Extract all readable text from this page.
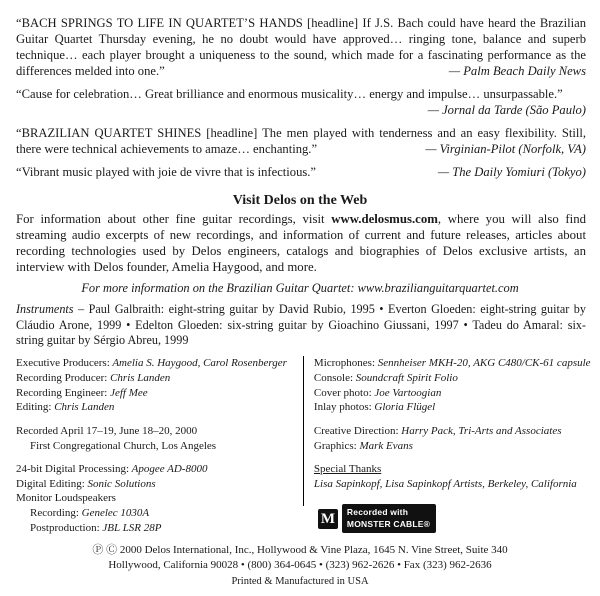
“BACH SPRINGS TO LIFE IN QUARTET’S HANDS [headline] If J.S. Bach could have heard the Brazilian Guitar Quartet Thursday evening, he no doubt would have approved… ringing tone, balance and superb technique… each player brought a uniqueness to the sound, which made for a fascinating performance as the differences melded into one.”	— Palm Beach Daily News
“Cause for celebration… Great brilliance and enormous musicality… energy and impulse… unsurpassable.”
— Jornal da Tarde (São Paulo)
“BRAZILIAN QUARTET SHINES [headline] The men played with tenderness and an easy flexibility. Still, there were technical achievements to amaze… enchanting.”	— Virginian-Pilot (Norfolk, VA)
“Vibrant music played with joie de vivre that is infectious.”	— The Daily Yomiuri (Tokyo)
Visit Delos on the Web
For information about other fine guitar recordings, visit www.delosmus.com, where you will also find streaming audio excerpts of new recordings, and information of current and future releases, articles about recording technologies used by Delos engineers, catalogs and biographies of Delos exclusive artists, an interview with Delos founder, Amelia Haygood, and more.
For more information on the Brazilian Guitar Quartet: www.brazilianguitarquartet.com
Instruments – Paul Galbraith: eight-string guitar by David Rubio, 1995 • Everton Gloeden: eight-string guitar by Cláudio Arone, 1999 • Edelton Gloeden: six-string guitar by Gioachino Giussani, 1997 • Tadeu do Amaral: six-string guitar by Sérgio Abreu, 1999
Executive Producers: Amelia S. Haygood, Carol Rosenberger
Recording Producer: Chris Landen
Recording Engineer: Jeff Mee
Editing: Chris Landen
Recorded April 17–19, June 18–20, 2000
First Congregational Church, Los Angeles
24-bit Digital Processing: Apogee AD-8000
Digital Editing: Sonic Solutions
Monitor Loudspeakers
Recording: Genelec 1030A
Postproduction: JBL LSR 28P
Microphones: Sennheiser MKH-20, AKG C480/CK-61 capsule
Console: Soundcraft Spirit Folio
Cover photo: Joe Vartoogian
Inlay photos: Gloria Flügel
Creative Direction: Harry Pack, Tri-Arts and Associates
Graphics: Mark Evans
Special Thanks
Lisa Sapinkopf, Lisa Sapinkopf Artists, Berkeley, California
M	Recorded with
MONSTER CABLE®
Ⓟ Ⓒ 2000 Delos International, Inc., Hollywood & Vine Plaza, 1645 N. Vine Street, Suite 340
Hollywood, California 90028 • (800) 364-0645 • (323) 962-2626 • Fax (323) 962-2636
Printed & Manufactured in USA
